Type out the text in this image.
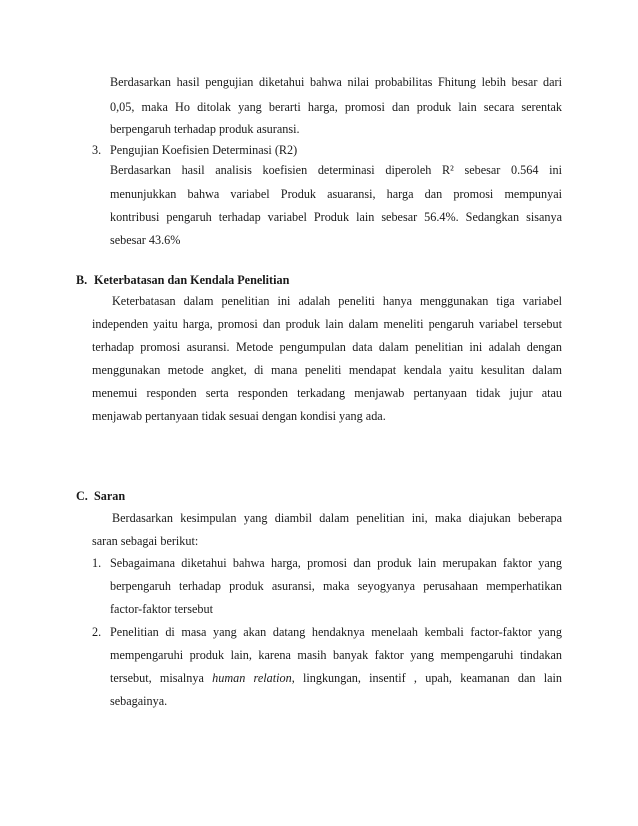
Berdasarkan hasil pengujian diketahui bahwa nilai probabilitas Fhitung lebih besar dari
0,05, maka Ho ditolak yang berarti harga, promosi dan produk lain secara serentak
berpengaruh terhadap produk asuransi.
3. Pengujian Koefisien Determinasi (R2)
Berdasarkan hasil analisis koefisien determinasi diperoleh R² sebesar 0.564 ini
menunjukkan bahwa variabel Produk asuaransi, harga dan promosi mempunyai
kontribusi pengaruh terhadap variabel Produk lain sebesar 56.4%. Sedangkan sisanya
sebesar 43.6%
B. Keterbatasan dan Kendala Penelitian
Keterbatasan dalam penelitian ini adalah peneliti hanya menggunakan tiga variabel
independen yaitu harga, promosi dan produk lain dalam meneliti pengaruh variabel tersebut
terhadap promosi asuransi. Metode pengumpulan data dalam penelitian ini adalah dengan
menggunakan metode angket, di mana peneliti mendapat kendala yaitu kesulitan dalam
menemui responden serta responden terkadang menjawab pertanyaan tidak jujur atau
menjawab pertanyaan tidak sesuai dengan kondisi yang ada.
C. Saran
Berdasarkan kesimpulan yang diambil dalam penelitian ini, maka diajukan beberapa
saran sebagai berikut:
1. Sebagaimana diketahui bahwa harga, promosi dan produk lain merupakan faktor yang
berpengaruh terhadap produk asuransi, maka seyogyanya perusahaan memperhatikan
factor-faktor tersebut
2. Penelitian di masa yang akan datang hendaknya menelaah kembali factor-faktor yang
mempengaruhi produk lain, karena masih banyak faktor yang mempengaruhi tindakan
tersebut, misalnya human relation, lingkungan, insentif , upah, keamanan dan lain
sebagainya.
